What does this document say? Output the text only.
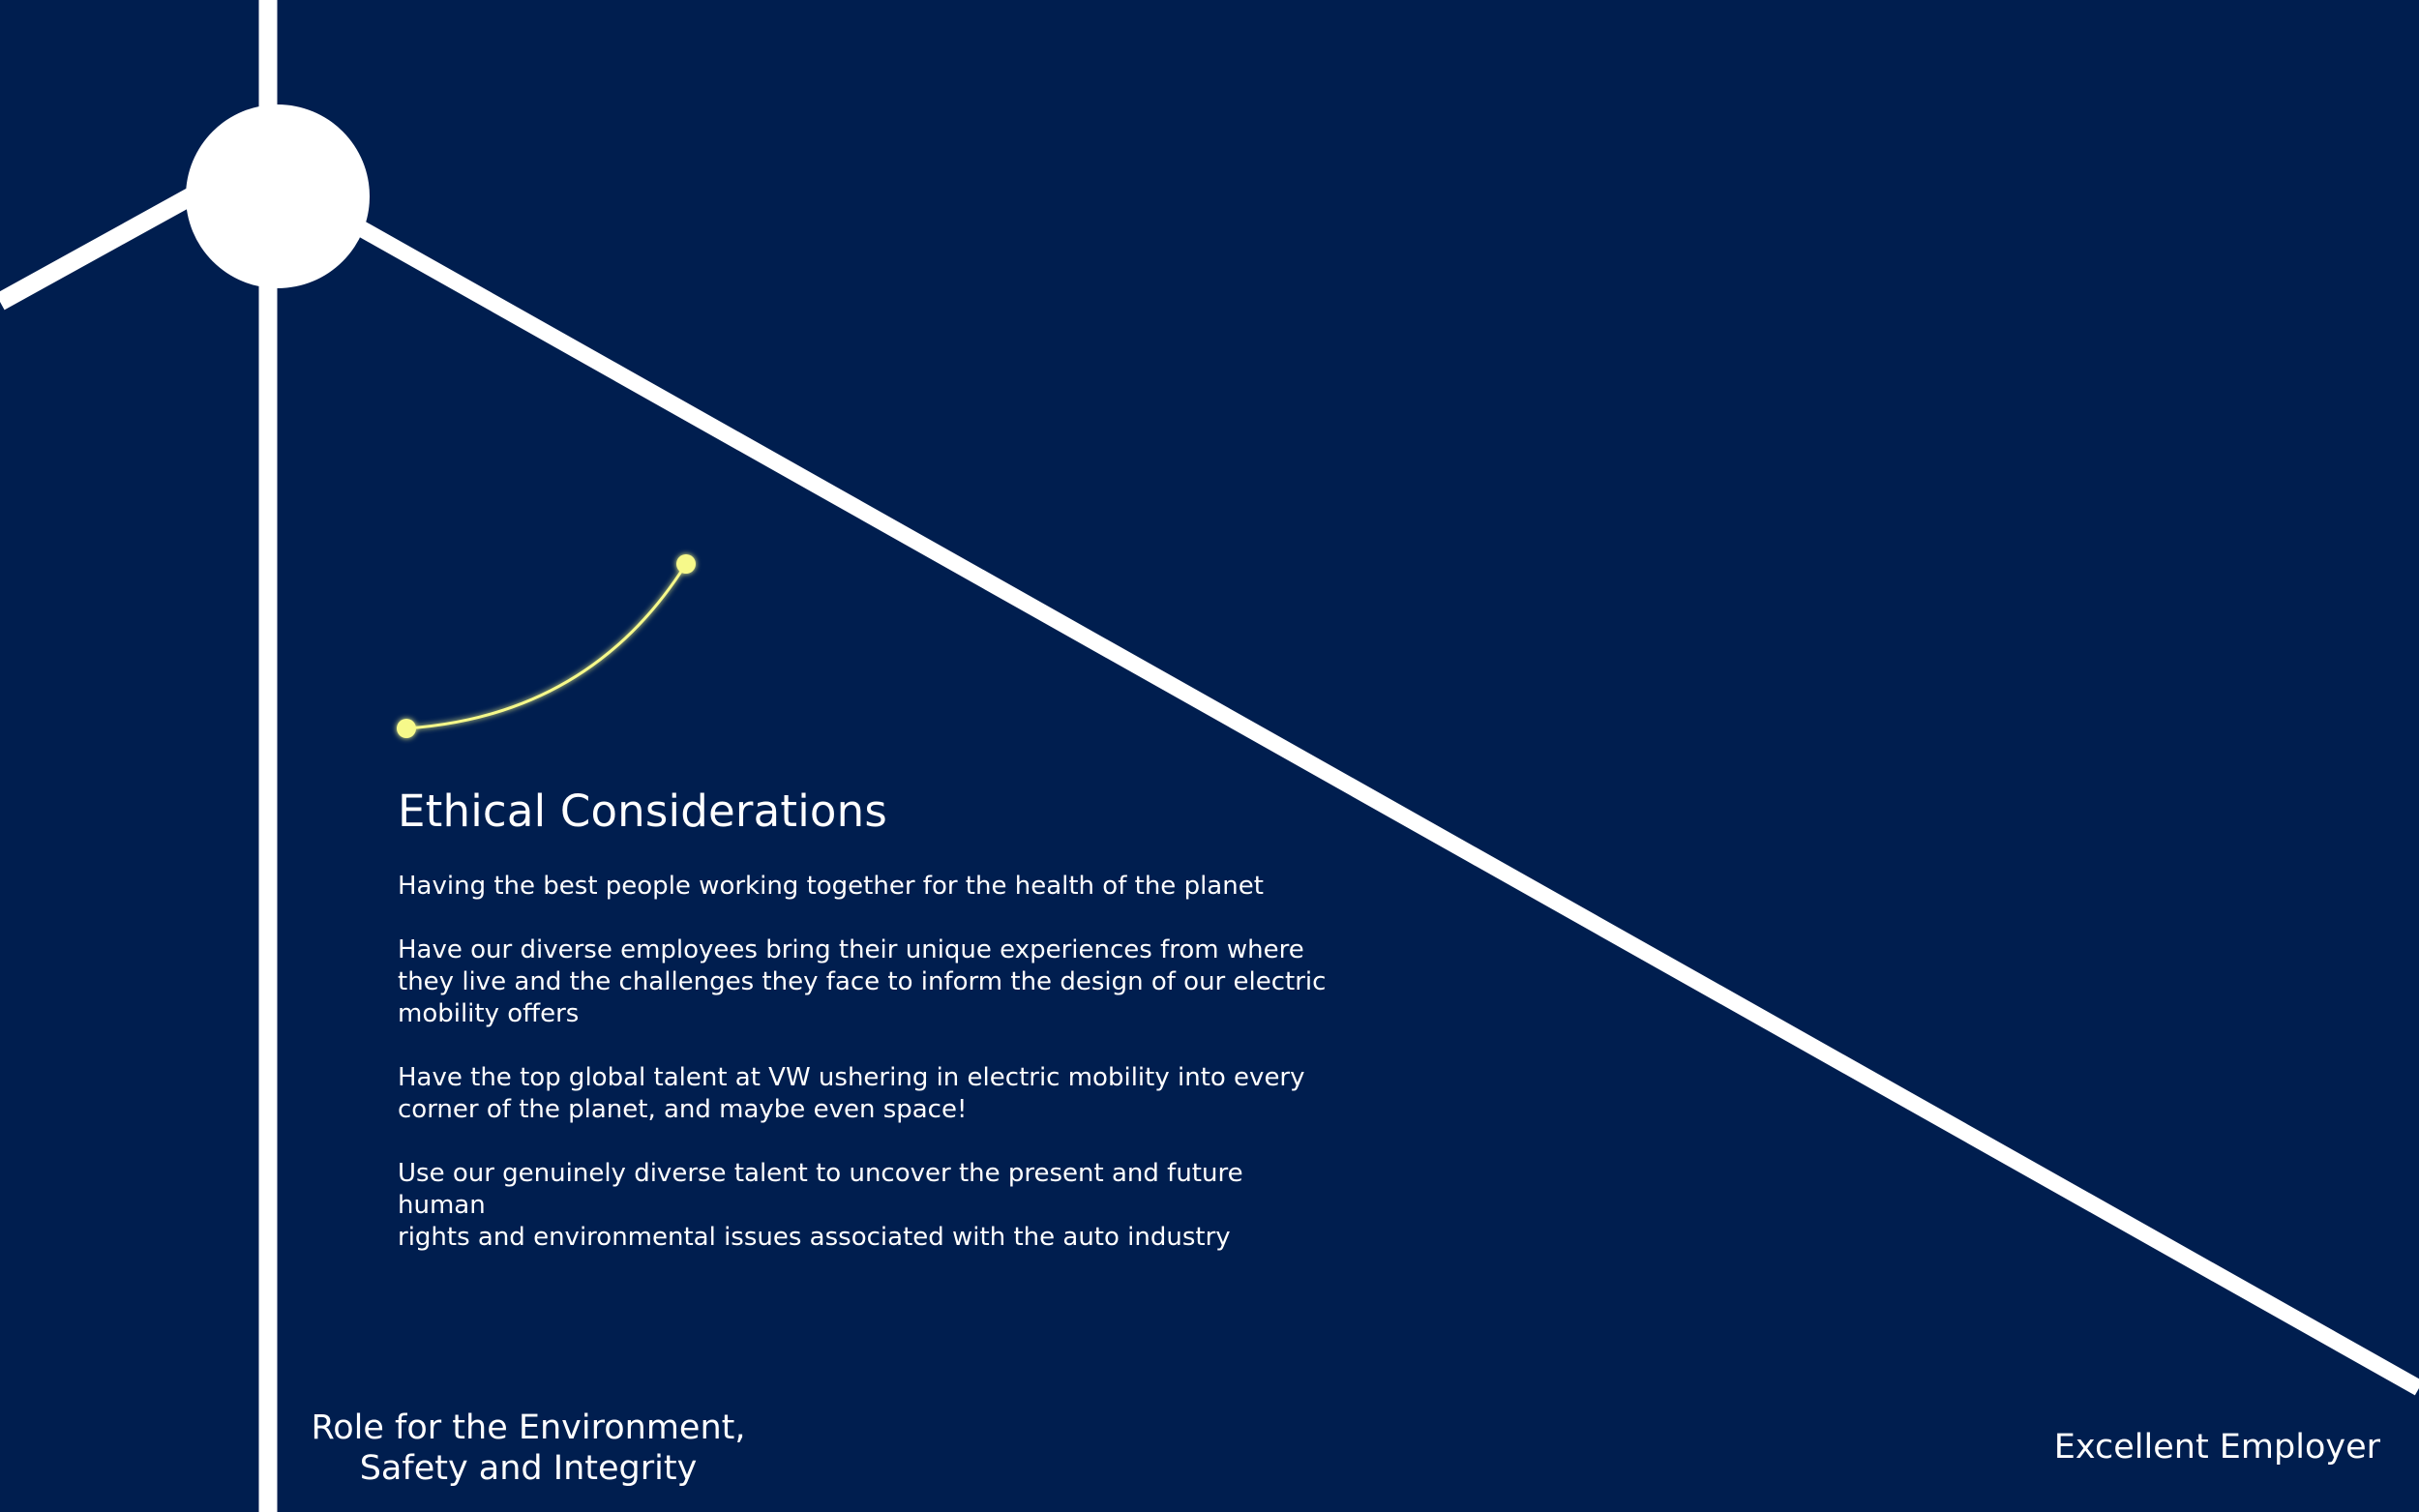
Ethical Considerations

Having the best people working together for the health of the planet

Have our diverse employees bring their unique experiences from where
they live and the challenges they face to inform the design of our electric
mobility offers

Have the top global talent at VW ushering in electric mobility into every
corner of the planet, and maybe even space!

Use our genuinely diverse talent to uncover the present and future human
rights and environmental issues associated with the auto industry

Role for the Environment,
Safety and Integrity
Excellent Employer
